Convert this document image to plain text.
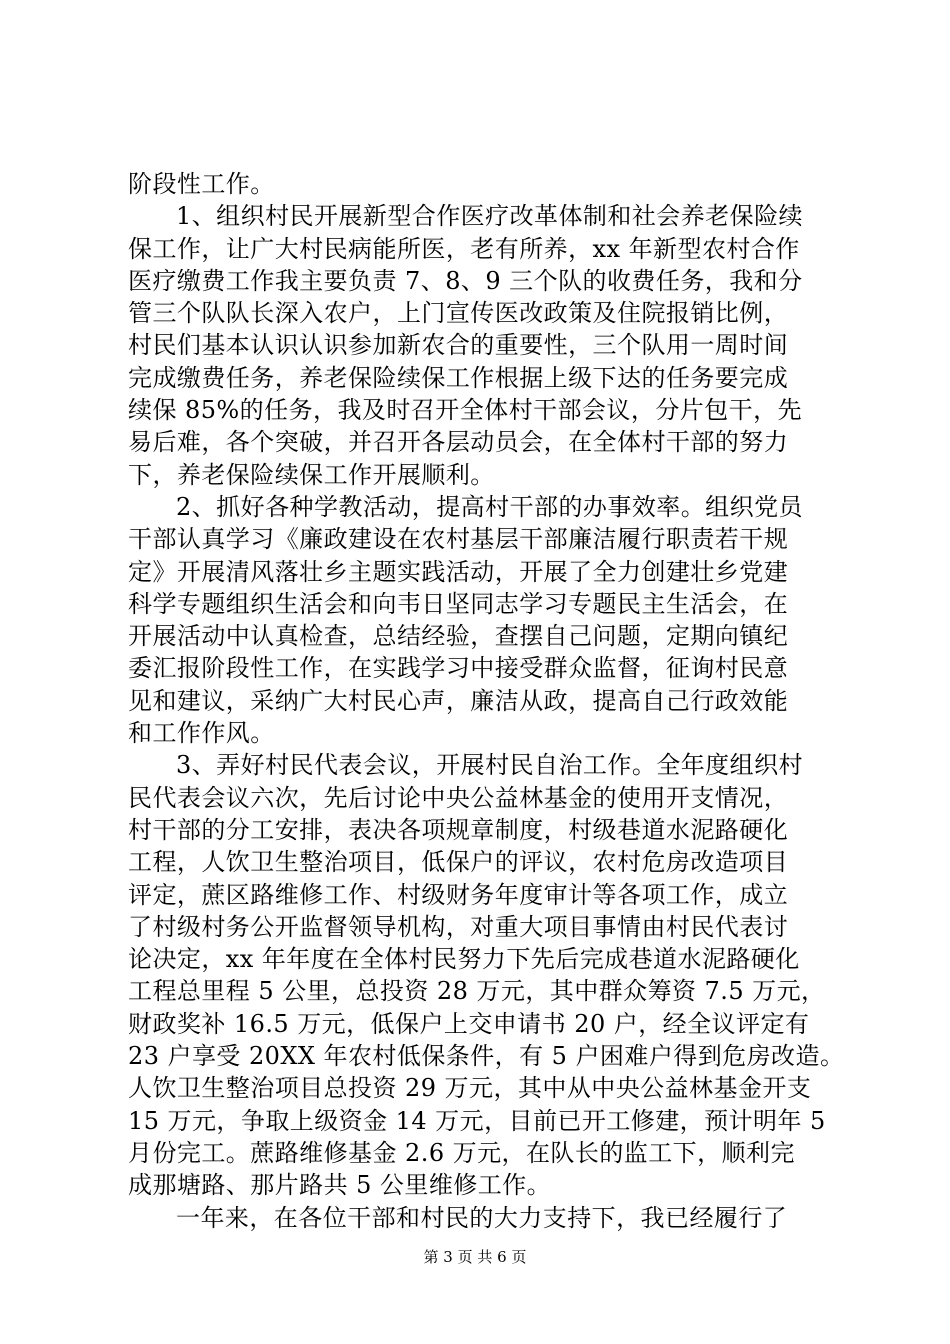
阶段性工作。
1、组织村民开展新型合作医疗改革体制和社会养老保险续
保工作，让广大村民病能所医，老有所养，xx 年新型农村合作
医疗缴费工作我主要负责 7、8、9 三个队的收费任务，我和分
管三个队队长深入农户，上门宣传医改政策及住院报销比例，
村民们基本认识认识参加新农合的重要性，三个队用一周时间
完成缴费任务，养老保险续保工作根据上级下达的任务要完成
续保 85%的任务，我及时召开全体村干部会议，分片包干，先
易后难，各个突破，并召开各层动员会，在全体村干部的努力
下，养老保险续保工作开展顺利。
2、抓好各种学教活动，提高村干部的办事效率。组织党员
干部认真学习《廉政建设在农村基层干部廉洁履行职责若干规
定》开展清风落壮乡主题实践活动，开展了全力创建壮乡党建
科学专题组织生活会和向韦日坚同志学习专题民主生活会，在
开展活动中认真检查，总结经验，查摆自己问题，定期向镇纪
委汇报阶段性工作，在实践学习中接受群众监督，征询村民意
见和建议，采纳广大村民心声，廉洁从政，提高自己行政效能
和工作作风。
3、弄好村民代表会议，开展村民自治工作。全年度组织村
民代表会议六次，先后讨论中央公益林基金的使用开支情况，
村干部的分工安排，表决各项规章制度，村级巷道水泥路硬化
工程，人饮卫生整治项目，低保户的评议，农村危房改造项目
评定，蔗区路维修工作、村级财务年度审计等各项工作，成立
了村级村务公开监督领导机构，对重大项目事情由村民代表讨
论决定，xx 年年度在全体村民努力下先后完成巷道水泥路硬化
工程总里程 5 公里，总投资 28 万元，其中群众筹资 7.5 万元，
财政奖补 16.5 万元，低保户上交申请书 20 户，经全议评定有
23 户享受 20XX 年农村低保条件，有 5 户困难户得到危房改造。
人饮卫生整治项目总投资 29 万元，其中从中央公益林基金开支
15 万元，争取上级资金 14 万元，目前已开工修建，预计明年 5
月份完工。蔗路维修基金 2.6 万元，在队长的监工下，顺利完
成那塘路、那片路共 5 公里维修工作。
一年来，在各位干部和村民的大力支持下，我已经履行了
第 3 页 共 6 页
